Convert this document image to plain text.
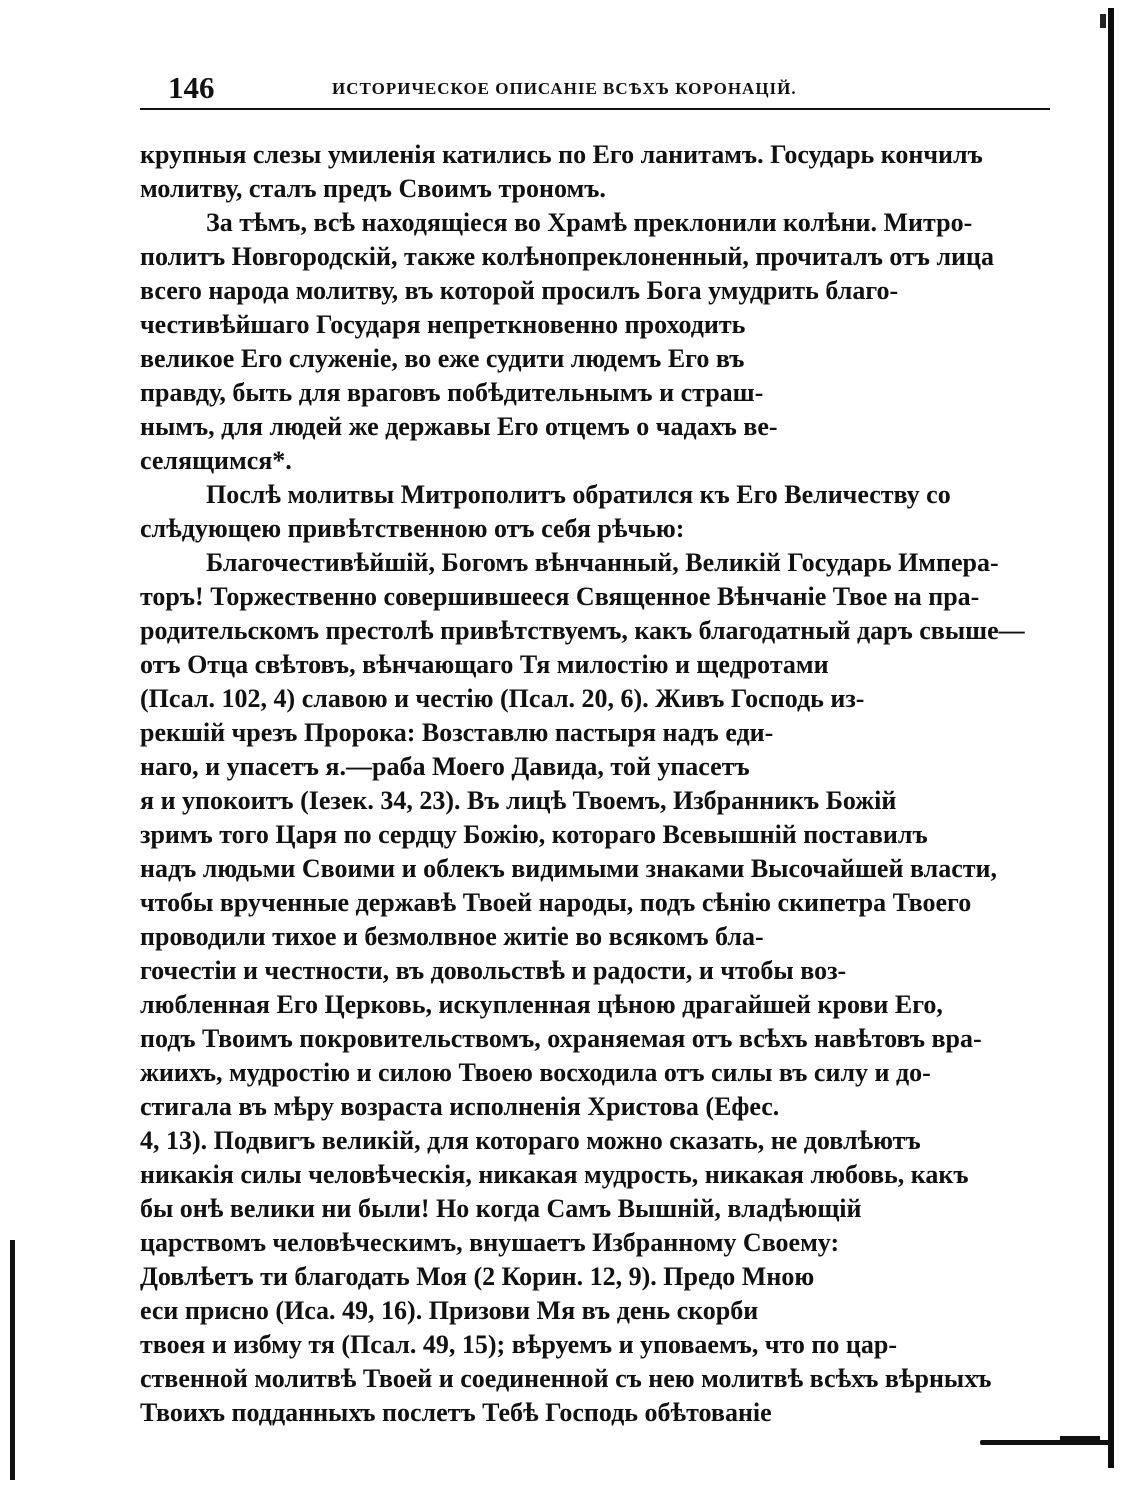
146	ИСТОРИЧЕСКОЕ ОПИСАНІЕ ВСѢХЪ КОРОНАЦІЙ.
крупныя слезы умиленія катились по Его ланитамъ. Государь кончилъ
молитву, сталъ предъ Своимъ трономъ.
За тѣмъ, всѣ находящіеся во Храмѣ преклонили колѣни. Митро-
политъ Новгородскій, также колѣнопреклоненный, прочиталъ отъ лица
всего народа молитву, въ которой просилъ Бога умудрить благо-
честивѣйшаго Государя непреткновенно проходить
великое Его служеніе, во еже судити людемъ Его въ
правду, быть для враговъ побѣдительнымъ и страш-
нымъ, для людей же державы Его отцемъ о чадахъ ве-
селящимся*.
Послѣ молитвы Митрополитъ обратился къ Его Величеству со
слѣдующею привѣтственною отъ себя рѣчью:
Благочестивѣйшій, Богомъ вѣнчанный, Великій Государь Импера-
торъ! Торжественно совершившееся Священное Вѣнчаніе Твое на пра-
родительскомъ престолѣ привѣтствуемъ, какъ благодатный даръ свыше—
отъ Отца свѣтовъ, вѣнчающаго Тя милостію и щедротами
(Псал. 102, 4) славою и честію (Псал. 20, 6). Живъ Господь из-
рекшій чрезъ Пророка: Возставлю пастыря надъ еди-
наго, и упасетъ я.—раба Моего Давида, той упасетъ
я и упокоитъ (Іезек. 34, 23). Въ лицѣ Твоемъ, Избранникъ Божій
зримъ того Царя по сердцу Божію, котораго Всевышній поставилъ
надъ людьми Своими и облекъ видимыми знаками Высочайшей власти,
чтобы врученные державѣ Твоей народы, подъ сѣнію скипетра Твоего
проводили тихое и безмолвное житіе во всякомъ бла-
гочестіи и честности, въ довольствѣ и радости, и чтобы воз-
любленная Его Церковь, искупленная цѣною драгайшей крови Его,
подъ Твоимъ покровительствомъ, охраняемая отъ всѣхъ навѣтовъ вра-
жиихъ, мудростію и силою Твоею восходила отъ силы въ силу и до-
стигала въ мѣру возраста исполненія Христова (Ефес.
4, 13). Подвигъ великій, для котораго можно сказать, не довлѣютъ
никакія силы человѣческія, никакая мудрость, никакая любовь, какъ
бы онѣ велики ни были! Но когда Самъ Вышній, владѣющій
царствомъ человѣческимъ, внушаетъ Избранному Своему:
Довлѣетъ ти благодать Моя (2 Корин. 12, 9). Предо Мною
еси присно (Иса. 49, 16). Призови Мя въ день скорби
твоея и избму тя (Псал. 49, 15); вѣруемъ и уповаемъ, что по цар-
ственной молитвѣ Твоей и соединенной съ нею молитвѣ всѣхъ вѣрныхъ
Твоихъ подданныхъ послетъ Тебѣ Господь обѣтованіе
